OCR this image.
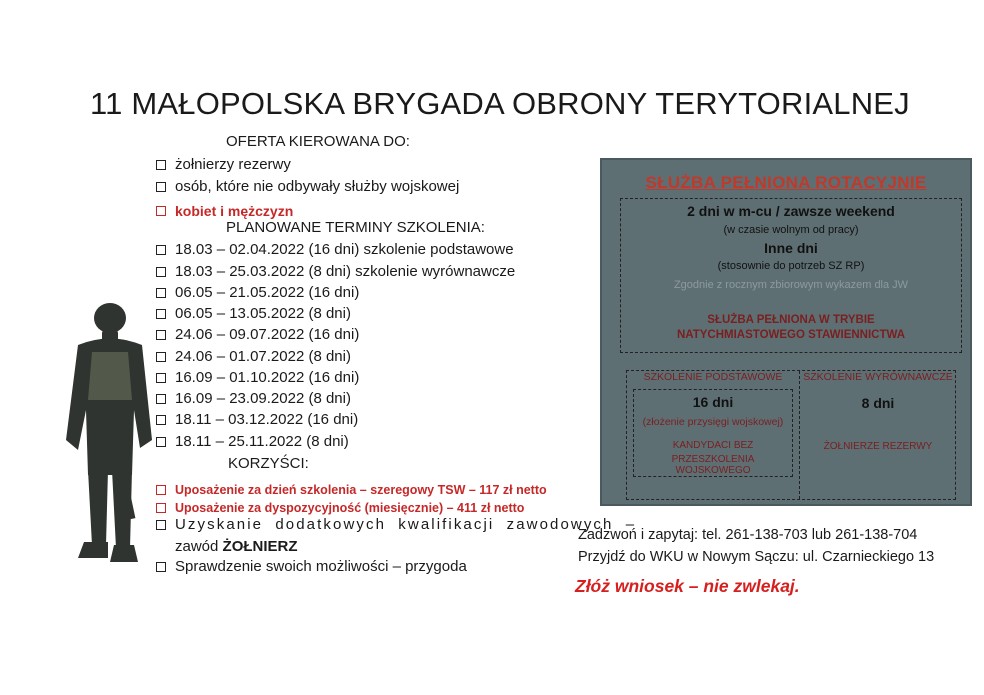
11 MAŁOPOLSKA BRYGADA OBRONY TERYTORIALNEJ
OFERTA KIEROWANA DO:
żołnierzy rezerwy
osób, które nie odbywały służby wojskowej
kobiet i mężczyzn
PLANOWANE TERMINY SZKOLENIA:
18.03 – 02.04.2022 (16 dni) szkolenie podstawowe
18.03 – 25.03.2022 (8 dni) szkolenie wyrównawcze
06.05 – 21.05.2022 (16 dni)
06.05 – 13.05.2022 (8 dni)
24.06 – 09.07.2022 (16 dni)
24.06 – 01.07.2022 (8 dni)
16.09 – 01.10.2022 (16 dni)
16.09 – 23.09.2022 (8 dni)
18.11 – 03.12.2022 (16 dni)
18.11 – 25.11.2022 (8 dni)
KORZYŚCI:
Uposażenie za dzień szkolenia – szeregowy TSW – 117 zł netto
Uposażenie za dyspozycyjność (miesięcznie) – 411 zł netto
Uzyskanie dodatkowych kwalifikacji zawodowych –
zawód
ŻOŁNIERZ
Sprawdzenie swoich możliwości – przygoda
SŁUŻBA PEŁNIONA ROTACYJNIE
2 dni w m-cu / zawsze weekend
(w czasie wolnym od pracy)
Inne dni
(stosownie do potrzeb SZ RP)
Zgodnie z rocznym zbiorowym wykazem dla JW
SŁUŻBA PEŁNIONA W TRYBIE
NATYCHMIASTOWEGO STAWIENNICTWA
SZKOLENIE PODSTAWOWE
16 dni
(złożenie przysięgi wojskowej)
KANDYDACI BEZ
PRZESZKOLENIA WOJSKOWEGO
SZKOLENIE WYRÓWNAWCZE
8 dni
ŻOŁNIERZE REZERWY
Zadzwoń i zapytaj: tel. 261-138-703 lub 261-138-704
Przyjdź do WKU w Nowym Sączu: ul. Czarnieckiego 13
Złóż wniosek – nie zwlekaj.
